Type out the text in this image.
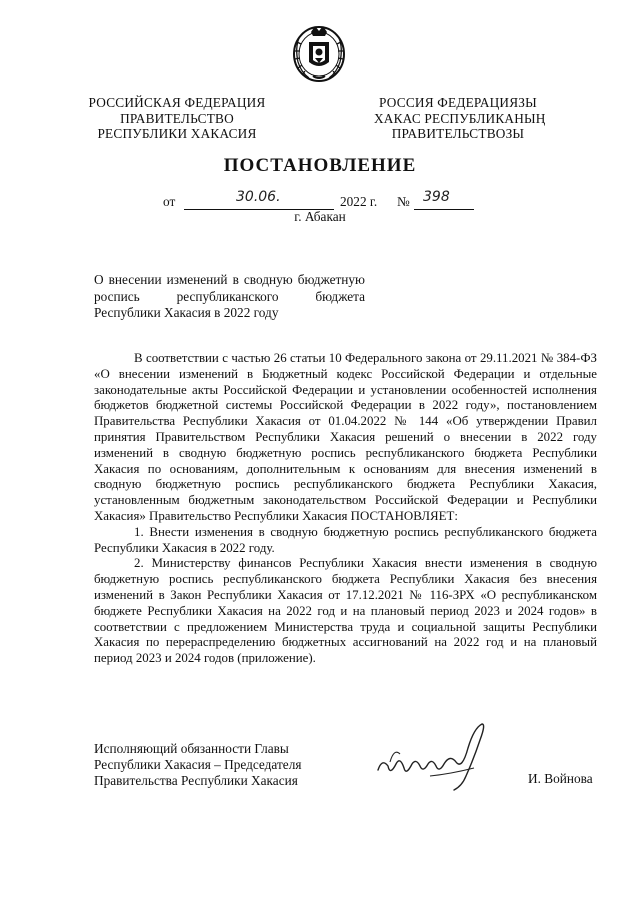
РОССИЙСКАЯ ФЕДЕРАЦИЯ
ПРАВИТЕЛЬСТВО
РЕСПУБЛИКИ ХАКАСИЯ
РОССИЯ ФЕДЕРАЦИЯЗЫ
ХАКАС РЕСПУБЛИКАНЫҢ
ПРАВИТЕЛЬСТВОЗЫ
ПОСТАНОВЛЕНИЕ
от	30.06.	2022 г. № 398
г. Абакан

О внесении изменений в сводную бюджетную роспись республиканского бюджета Республики Хакасия в 2022 году

В соответствии с частью 26 статьи 10 Федерального закона от 29.11.2021 № 384-ФЗ «О внесении изменений в Бюджетный кодекс Российской Федерации и отдельные законодательные акты Российской Федерации и установлении особенностей исполнения бюджетов бюджетной системы Российской Федерации в 2022 году», постановлением Правительства Республики Хакасия от 01.04.2022 № 144 «Об утверждении Правил принятия Правительством Республики Хакасия решений о внесении в 2022 году изменений в сводную бюджетную роспись республиканского бюджета Республики Хакасия по основаниям, дополнительным к основаниям для внесения изменений в сводную бюджетную роспись республиканского бюджета Республики Хакасия, установленным бюджетным законодательством Российской Федерации и Республики Хакасия» Правительство Республики Хакасия ПОСТАНОВЛЯЕТ:

1. Внести изменения в сводную бюджетную роспись республиканского бюджета Республики Хакасия в 2022 году.

2. Министерству финансов Республики Хакасия внести изменения в сводную бюджетную роспись республиканского бюджета Республики Хакасия без внесения изменений в Закон Республики Хакасия от 17.12.2021 № 116-ЗРХ «О республиканском бюджете Республики Хакасия на 2022 год и на плановый период 2023 и 2024 годов» в соответствии с предложением Министерства труда и социальной защиты Республики Хакасия по перераспределению бюджетных ассигнований на 2022 год и на плановый период 2023 и 2024 годов (приложение).

Исполняющий обязанности Главы
Республики Хакасия – Председателя
Правительства Республики Хакасия	И. Войнова
